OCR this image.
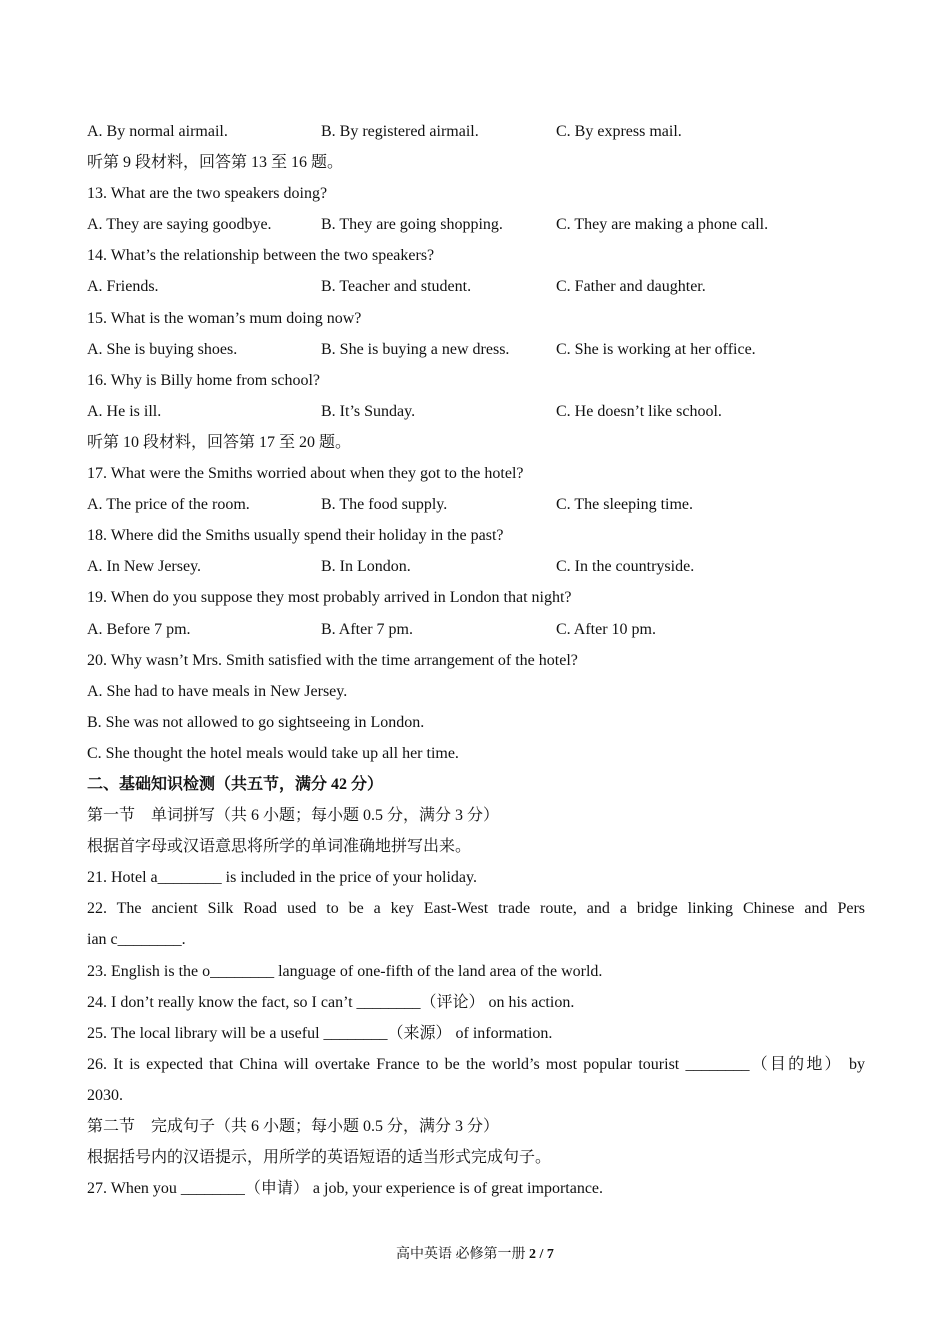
A. By normal airmail.	B. By registered airmail.	C. By express mail.
听第 9 段材料，回答第 13 至 16 题。
13. What are the two speakers doing?
A. They are saying goodbye.	B. They are going shopping.	C. They are making a phone call.
14. What’s the relationship between the two speakers?
A. Friends.	B. Teacher and student.	C. Father and daughter.
15. What is the woman’s mum doing now?
A. She is buying shoes.	B. She is buying a new dress.	C. She is working at her office.
16. Why is Billy home from school?
A. He is ill.	B. It’s Sunday.	C. He doesn’t like school.
听第 10 段材料，回答第 17 至 20 题。
17. What were the Smiths worried about when they got to the hotel?
A. The price of the room.	B. The food supply.	C. The sleeping time.
18. Where did the Smiths usually spend their holiday in the past?
A. In New Jersey.	B. In London.	C. In the countryside.
19. When do you suppose they most probably arrived in London that night?
A. Before 7 pm.	B. After 7 pm.	C. After 10 pm.
20. Why wasn’t Mrs. Smith satisfied with the time arrangement of the hotel?
A. She had to have meals in New Jersey.
B. She was not allowed to go sightseeing in London.
C. She thought the hotel meals would take up all her time.
二、基础知识检测（共五节，满分 42 分）
第一节　单词拼写（共 6 小题；每小题 0.5 分，满分 3 分）
根据首字母或汉语意思将所学的单词准确地拼写出来。
21. Hotel a________ is included in the price of your holiday.
22. The ancient Silk Road used to be a key East-West trade route, and a bridge linking Chinese and Pers
ian c________.
23. English is the o________ language of one-fifth of the land area of the world.
24. I don’t really know the fact, so I can’t ________（评论） on his action.
25. The local library will be a useful ________（来源） of information.
26. It is expected that China will overtake France to be the world’s most popular tourist ________（目的地） by
2030.
第二节　完成句子（共 6 小题；每小题 0.5 分，满分 3 分）
根据括号内的汉语提示，用所学的英语短语的适当形式完成句子。
27. When you ________（申请） a job, your experience is of great importance.
高中英语 必修第一册 2 / 7
